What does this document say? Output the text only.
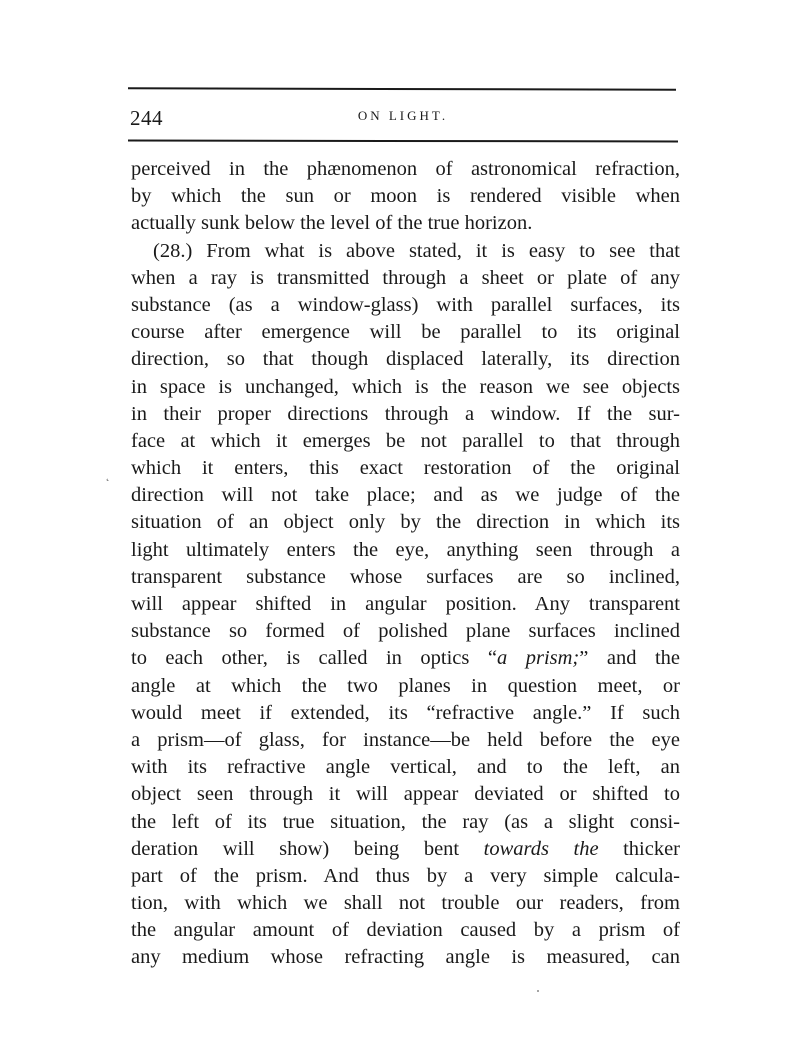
244	ON LIGHT.
˛
perceived in the phænomenon of astronomical refraction,
by which the sun or moon is rendered visible when
actually sunk below the level of the true horizon.
(28.) From what is above stated, it is easy to see that
when a ray is transmitted through a sheet or plate of any
substance (as a window-glass) with parallel surfaces, its
course after emergence will be parallel to its original
direction, so that though displaced laterally, its direction
in space is unchanged, which is the reason we see objects
in their proper directions through a window. If the sur-
face at which it emerges be not parallel to that through
which it enters, this exact restoration of the original
direction will not take place; and as we judge of the
situation of an object only by the direction in which its
light ultimately enters the eye, anything seen through a
transparent substance whose surfaces are so inclined,
will appear shifted in angular position. Any transparent
substance so formed of polished plane surfaces inclined
to each other, is called in optics “a prism;” and the
angle at which the two planes in question meet, or
would meet if extended, its “refractive angle.” If such
a prism—of glass, for instance—be held before the eye
with its refractive angle vertical, and to the left, an
object seen through it will appear deviated or shifted to
the left of its true situation, the ray (as a slight consi-
deration will show) being bent towards the thicker
part of the prism. And thus by a very simple calcula-
tion, with which we shall not trouble our readers, from
the angular amount of deviation caused by a prism of
any medium whose refracting angle is measured, can
